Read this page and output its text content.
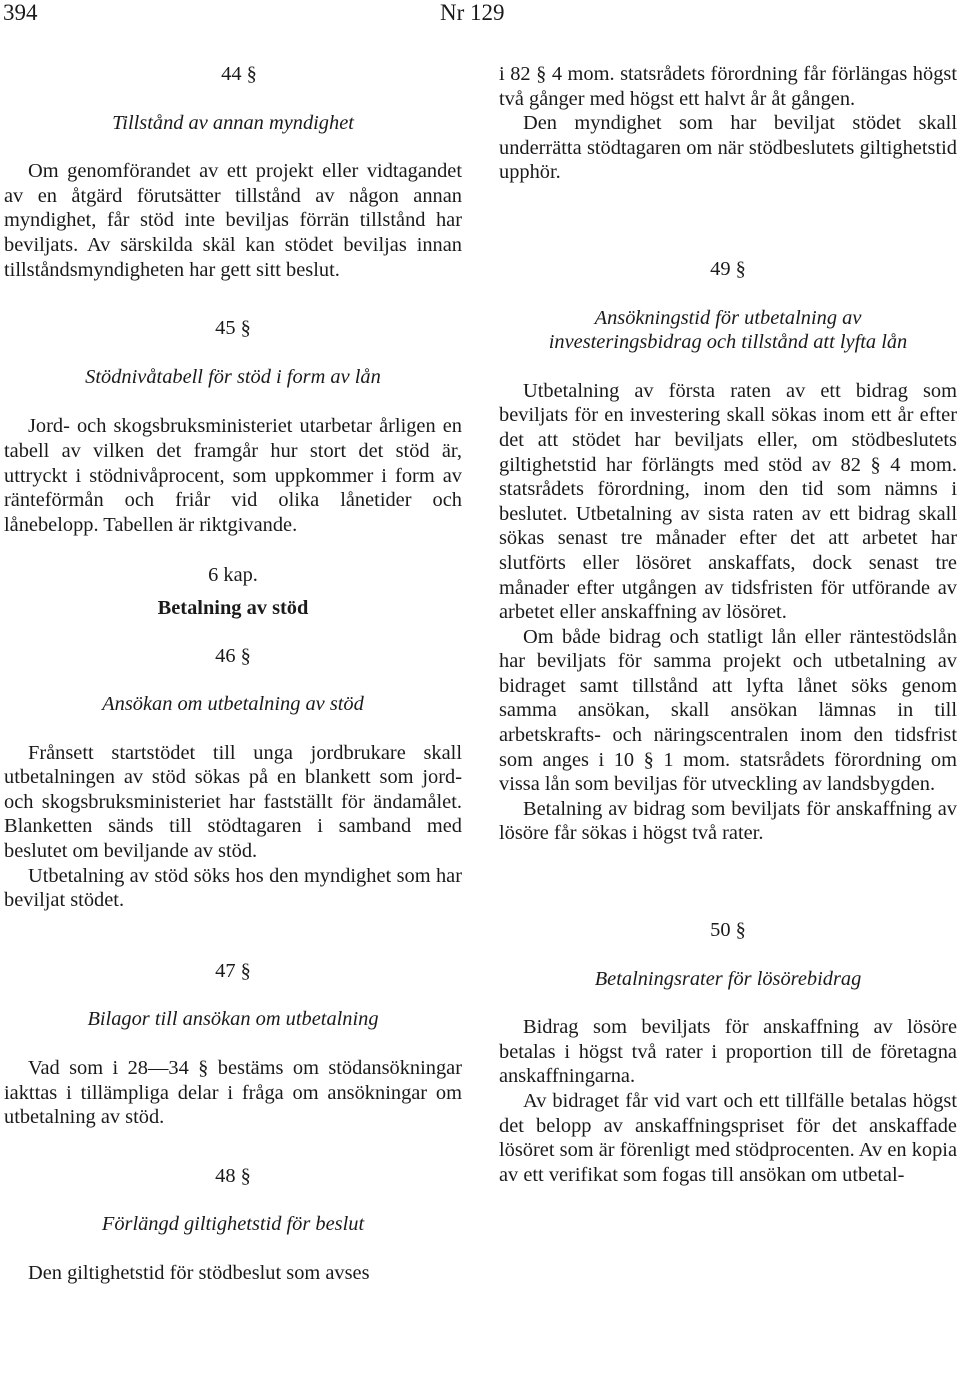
394	Nr 129

44 §

Tillstånd av annan myndighet

Om genomförandet av ett projekt eller vidtagandet av en åtgärd förutsätter tillstånd av någon annan myndighet, får stöd inte beviljas förrän tillstånd har beviljats. Av särskilda skäl kan stödet beviljas innan tillståndsmyndigheten har gett sitt beslut.

45 §

Stödnivåtabell för stöd i form av lån

Jord- och skogsbruksministeriet utarbetar årligen en tabell av vilken det framgår hur stort det stöd är, uttryckt i stödnivåprocent, som uppkommer i form av ränteförmån och friår vid olika lånetider och lånebelopp. Tabellen är riktgivande.

6 kap.

Betalning av stöd

46 §

Ansökan om utbetalning av stöd

Frånsett startstödet till unga jordbrukare skall utbetalningen av stöd sökas på en blankett som jord- och skogsbruksministeriet har fastställt för ändamålet. Blanketten sänds till stödtagaren i samband med beslutet om beviljande av stöd.

Utbetalning av stöd söks hos den myndighet som har beviljat stödet.

47 §

Bilagor till ansökan om utbetalning

Vad som i 28—34 § bestäms om stödansökningar iakttas i tillämpliga delar i fråga om ansökningar om utbetalning av stöd.

48 §

Förlängd giltighetstid för beslut

Den giltighetstid för stödbeslut som avses

i 82 § 4 mom. statsrådets förordning får förlängas högst två gånger med högst ett halvt år åt gången.

Den myndighet som har beviljat stödet skall underrätta stödtagaren om när stödbeslutets giltighetstid upphör.

49 §

Ansökningstid för utbetalning av investeringsbidrag och tillstånd att lyfta lån

Utbetalning av första raten av ett bidrag som beviljats för en investering skall sökas inom ett år efter det att stödet har beviljats eller, om stödbeslutets giltighetstid har förlängts med stöd av 82 § 4 mom. statsrådets förordning, inom den tid som nämns i beslutet. Utbetalning av sista raten av ett bidrag skall sökas senast tre månader efter det att arbetet har slutförts eller lösöret anskaffats, dock senast tre månader efter utgången av tidsfristen för utförande av arbetet eller anskaffning av lösöret.

Om både bidrag och statligt lån eller räntestödslån har beviljats för samma projekt och utbetalning av bidraget samt tillstånd att lyfta lånet söks genom samma ansökan, skall ansökan lämnas in till arbetskrafts- och näringscentralen inom den tidsfrist som anges i 10 § 1 mom. statsrådets förordning om vissa lån som beviljas för utveckling av landsbygden.

Betalning av bidrag som beviljats för anskaffning av lösöre får sökas i högst två rater.

50 §

Betalningsrater för lösörebidrag

Bidrag som beviljats för anskaffning av lösöre betalas i högst två rater i proportion till de företagna anskaffningarna.

Av bidraget får vid vart och ett tillfälle betalas högst det belopp av anskaffningspriset för det anskaffade lösöret som är förenligt med stödprocenten. Av en kopia av ett verifikat som fogas till ansökan om utbetal-
